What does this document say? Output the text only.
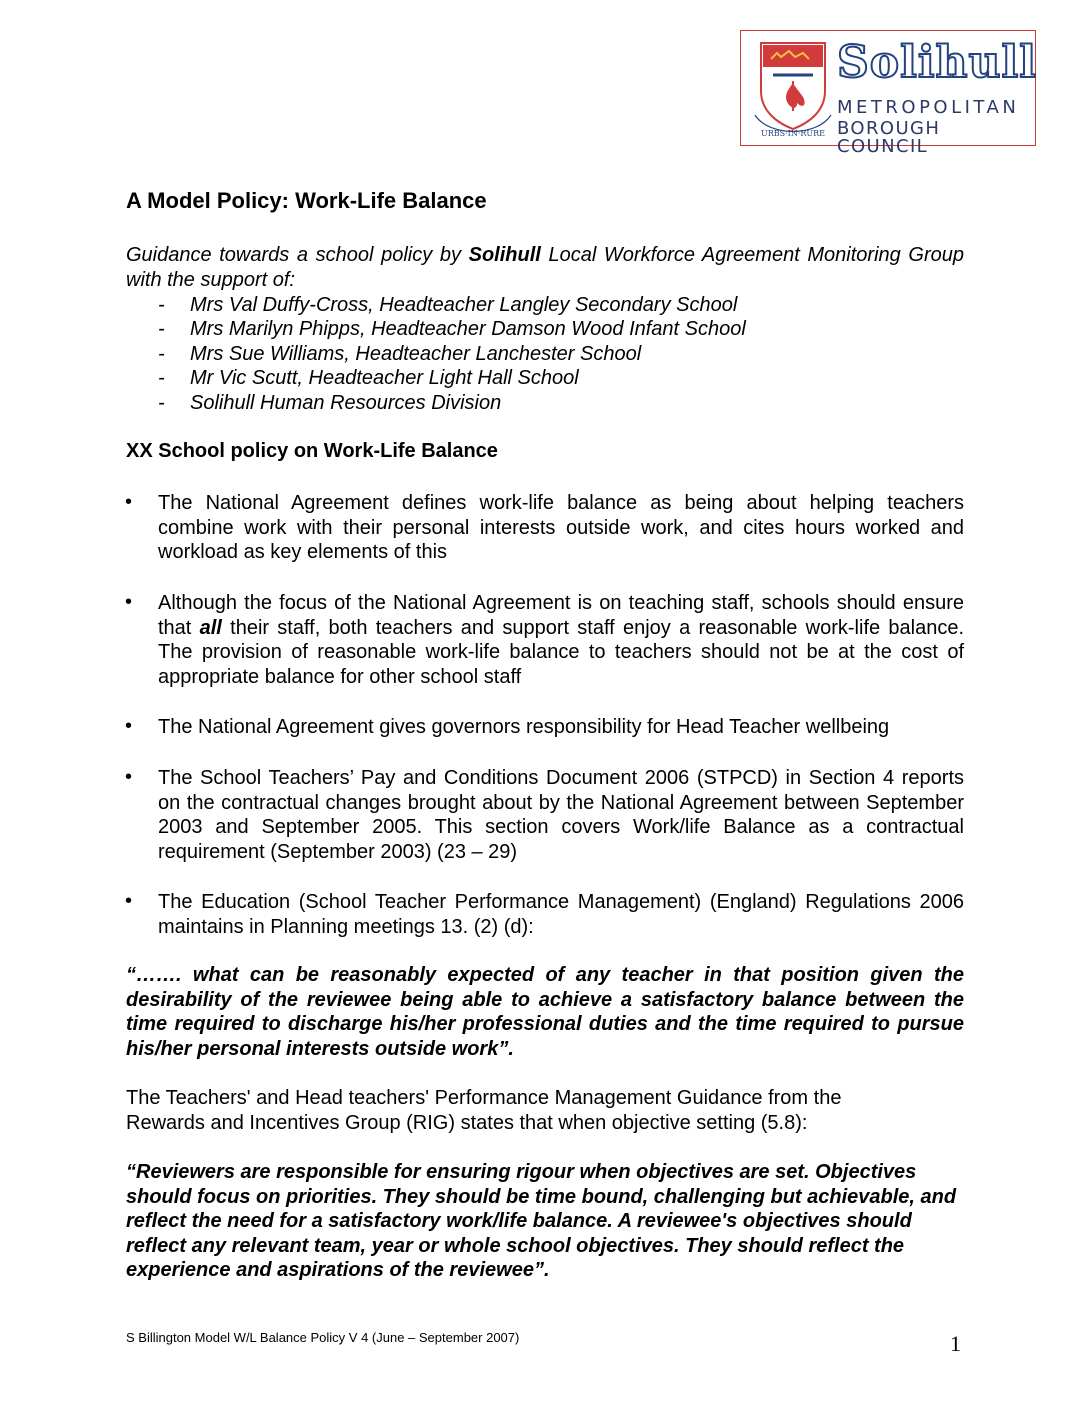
URBS·IN·RURE
Solihull
METROPOLITAN
BOROUGH COUNCIL
A Model Policy: Work-Life Balance
Guidance towards a school policy by Solihull Local Workforce Agreement Monitoring Group with the support of:
- Mrs Val Duffy-Cross, Headteacher Langley Secondary School
- Mrs Marilyn Phipps, Headteacher Damson Wood Infant School
- Mrs Sue Williams, Headteacher Lanchester School
- Mr Vic Scutt, Headteacher Light Hall School
- Solihull Human Resources Division
XX School policy on Work-Life Balance
• The National Agreement defines work-life balance as being about helping teachers combine work with their personal interests outside work, and cites hours worked and workload as key elements of this
• Although the focus of the National Agreement is on teaching staff, schools should ensure that all their staff, both teachers and support staff enjoy a reasonable work-life balance. The provision of reasonable work-life balance to teachers should not be at the cost of appropriate balance for other school staff
• The National Agreement gives governors responsibility for Head Teacher wellbeing
• The School Teachers’ Pay and Conditions Document 2006 (STPCD) in Section 4 reports on the contractual changes brought about by the National Agreement between September 2003 and September 2005. This section covers Work/life Balance as a contractual requirement (September 2003) (23 – 29)
• The Education (School Teacher Performance Management) (England) Regulations 2006 maintains in Planning meetings 13. (2) (d):
“……. what can be reasonably expected of any teacher in that position given the desirability of the reviewee being able to achieve a satisfactory balance between the time required to discharge his/her professional duties and the time required to pursue his/her personal interests outside work”.
The Teachers' and Head teachers' Performance Management Guidance from the Rewards and Incentives Group (RIG) states that when objective setting (5.8):
“Reviewers are responsible for ensuring rigour when objectives are set. Objectives should focus on priorities. They should be time bound, challenging but achievable, and reflect the need for a satisfactory work/life balance. A reviewee's objectives should reflect any relevant team, year or whole school objectives. They should reflect the experience and aspirations of the reviewee”.
S Billington Model W/L Balance Policy V 4 (June – September 2007)	1
